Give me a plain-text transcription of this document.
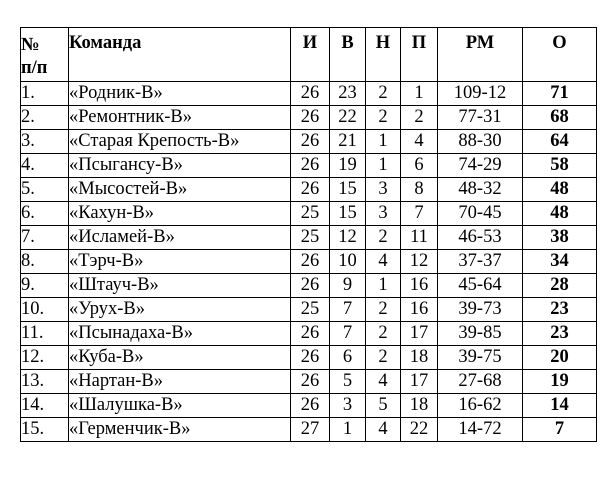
№
п/п	Команда	И	В	Н	П	РМ	О
1.	«Родник-В»	26	23	2	1	109-12	71
2.	«Ремонтник-В»	26	22	2	2	77-31	68
3.	«Старая Крепость-В»	26	21	1	4	88-30	64
4.	«Псыгансу-В»	26	19	1	6	74-29	58
5.	«Мысостей-В»	26	15	3	8	48-32	48
6.	«Кахун-В»	25	15	3	7	70-45	48
7.	«Исламей-В»	25	12	2	11	46-53	38
8.	«Тэрч-В»	26	10	4	12	37-37	34
9.	«Штауч-В»	26	9	1	16	45-64	28
10.	«Урух-В»	25	7	2	16	39-73	23
11.	«Псынадаха-В»	26	7	2	17	39-85	23
12.	«Куба-В»	26	6	2	18	39-75	20
13.	«Нартан-В»	26	5	4	17	27-68	19
14.	«Шалушка-В»	26	3	5	18	16-62	14
15.	«Герменчик-В»	27	1	4	22	14-72	7
